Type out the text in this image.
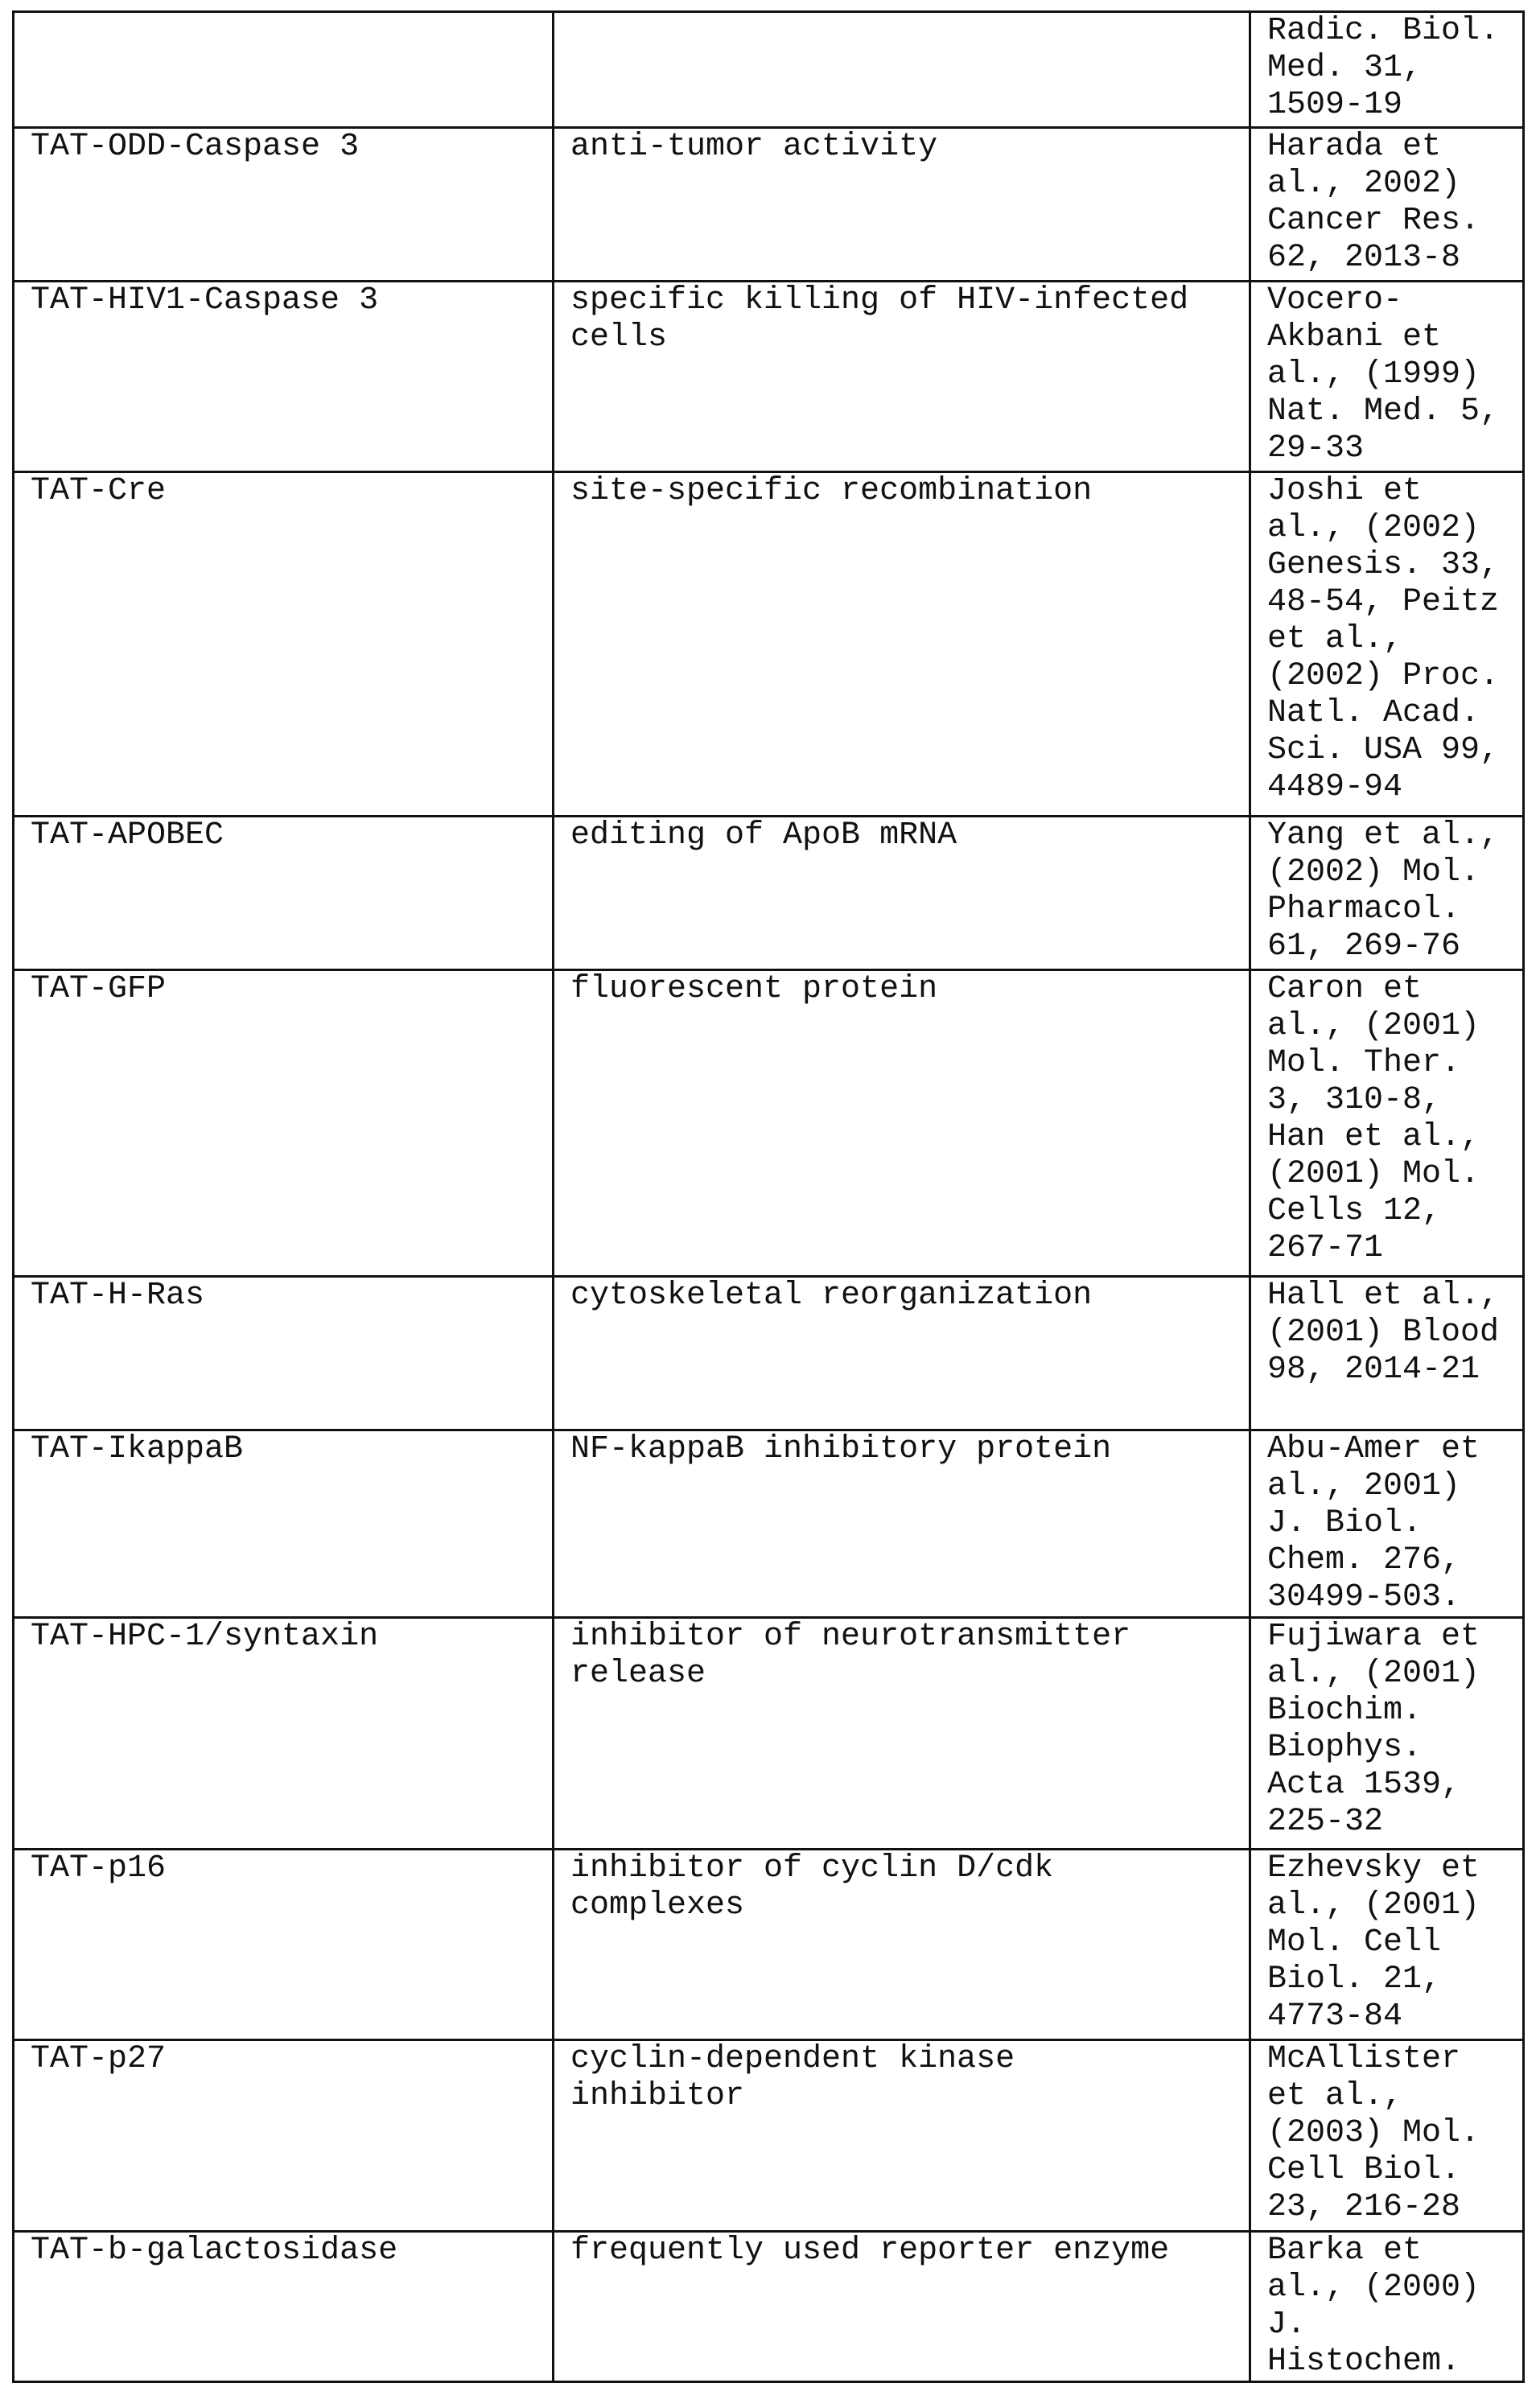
Radic. Biol.
Med. 31,
1509-19
TAT-ODD-Caspase 3	anti-tumor activity	Harada et
al., 2002)
Cancer Res.
62, 2013-8
TAT-HIV1-Caspase 3	specific killing of HIV-infected
cells
Vocero-
Akbani et
al., (1999)
Nat. Med. 5,
29-33
TAT-Cre	site-specific recombination	Joshi et
al., (2002)
Genesis. 33,
48-54, Peitz
et al.,
(2002) Proc.
Natl. Acad.
Sci. USA 99,
4489-94
TAT-APOBEC	editing of ApoB mRNA	Yang et al.,
(2002) Mol.
Pharmacol.
61, 269-76
TAT-GFP	fluorescent protein	Caron et
al., (2001)
Mol. Ther.
3, 310-8,
Han et al.,
(2001) Mol.
Cells 12,
267-71
TAT-H-Ras	cytoskeletal reorganization	Hall et al.,
(2001) Blood
98, 2014-21
TAT-IkappaB	NF-kappaB inhibitory protein	Abu-Amer et
al., 2001)
J. Biol.
Chem. 276,
30499-503.
TAT-HPC-1/syntaxin	inhibitor of neurotransmitter
release
Fujiwara et
al., (2001)
Biochim.
Biophys.
Acta 1539,
225-32
TAT-p16	inhibitor of cyclin D/cdk
complexes
Ezhevsky et
al., (2001)
Mol. Cell
Biol. 21,
4773-84
TAT-p27	cyclin-dependent kinase
inhibitor
McAllister
et al.,
(2003) Mol.
Cell Biol.
23, 216-28
TAT-b-galactosidase	frequently used reporter enzyme	Barka et
al., (2000)
J.
Histochem.
